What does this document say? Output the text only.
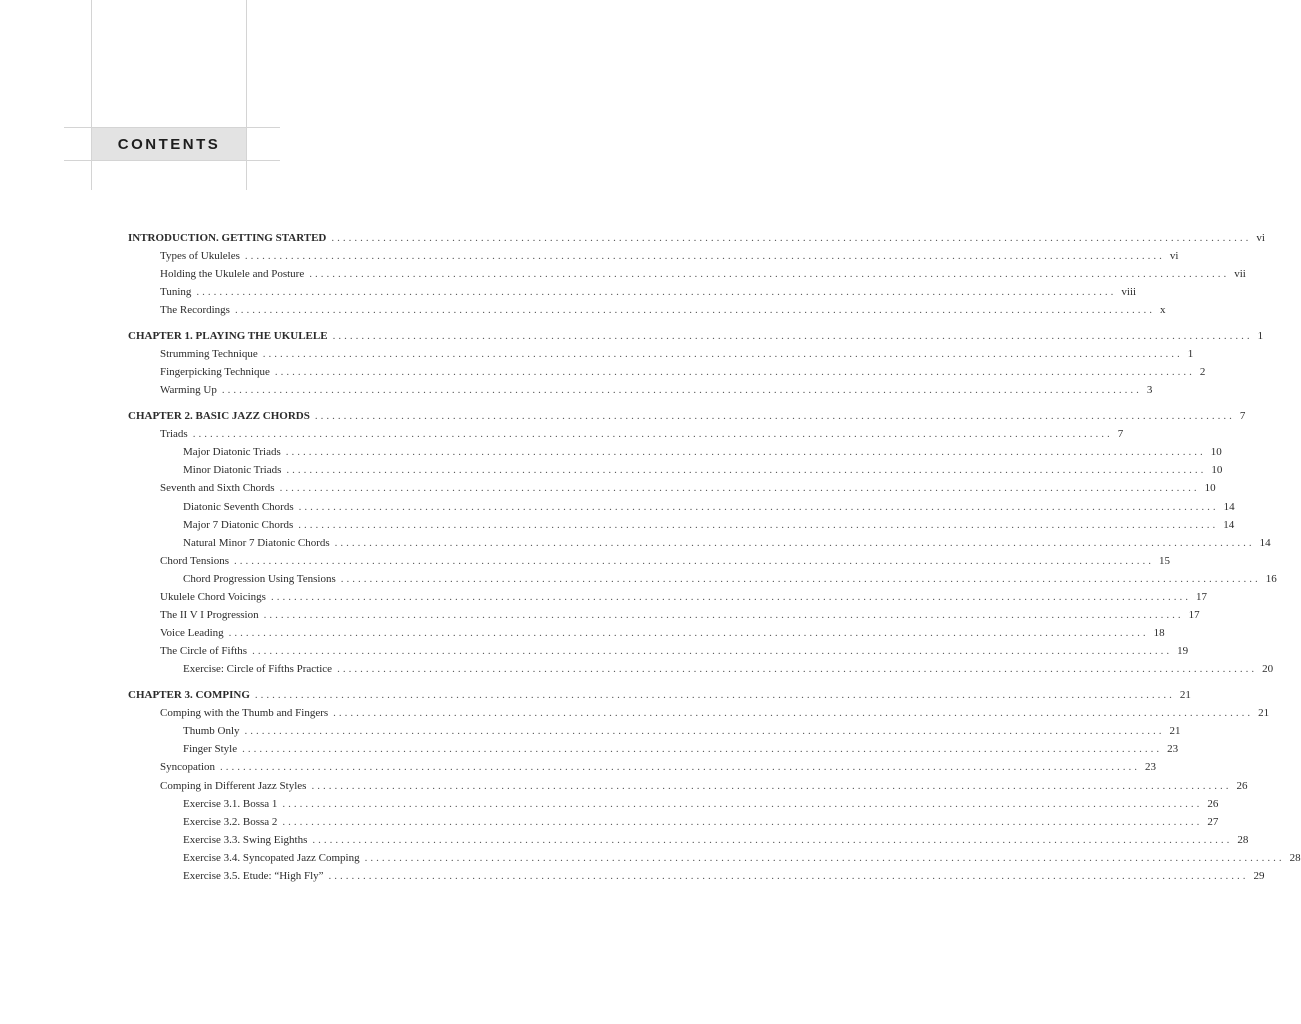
CONTENTS
INTRODUCTION. GETTING STARTED ................................................................................................................................................................ vi
Types of Ukuleles ................................................................................................................................................................ vi
Holding the Ukulele and Posture ................................................................................................................................................................ vii
Tuning ................................................................................................................................................................ viii
The Recordings ................................................................................................................................................................ x
CHAPTER 1. PLAYING THE UKULELE ................................................................................................................................................................ 1
Strumming Technique ................................................................................................................................................................ 1
Fingerpicking Technique ................................................................................................................................................................ 2
Warming Up ................................................................................................................................................................ 3
CHAPTER 2. BASIC JAZZ CHORDS ................................................................................................................................................................ 7
Triads ................................................................................................................................................................ 7
Major Diatonic Triads ................................................................................................................................................................ 10
Minor Diatonic Triads ................................................................................................................................................................ 10
Seventh and Sixth Chords ................................................................................................................................................................ 10
Diatonic Seventh Chords ................................................................................................................................................................ 14
Major 7 Diatonic Chords ................................................................................................................................................................ 14
Natural Minor 7 Diatonic Chords ................................................................................................................................................................ 14
Chord Tensions ................................................................................................................................................................ 15
Chord Progression Using Tensions ................................................................................................................................................................ 16
Ukulele Chord Voicings ................................................................................................................................................................ 17
The II V I Progression ................................................................................................................................................................ 17
Voice Leading ................................................................................................................................................................ 18
The Circle of Fifths ................................................................................................................................................................ 19
Exercise: Circle of Fifths Practice ................................................................................................................................................................ 20
CHAPTER 3. COMPING ................................................................................................................................................................ 21
Comping with the Thumb and Fingers ................................................................................................................................................................ 21
Thumb Only ................................................................................................................................................................ 21
Finger Style ................................................................................................................................................................ 23
Syncopation ................................................................................................................................................................ 23
Comping in Different Jazz Styles ................................................................................................................................................................ 26
Exercise 3.1. Bossa 1 ................................................................................................................................................................ 26
Exercise 3.2. Bossa 2 ................................................................................................................................................................ 27
Exercise 3.3. Swing Eighths ................................................................................................................................................................ 28
Exercise 3.4. Syncopated Jazz Comping ................................................................................................................................................................ 28
Exercise 3.5. Etude: “High Fly” ................................................................................................................................................................ 29
